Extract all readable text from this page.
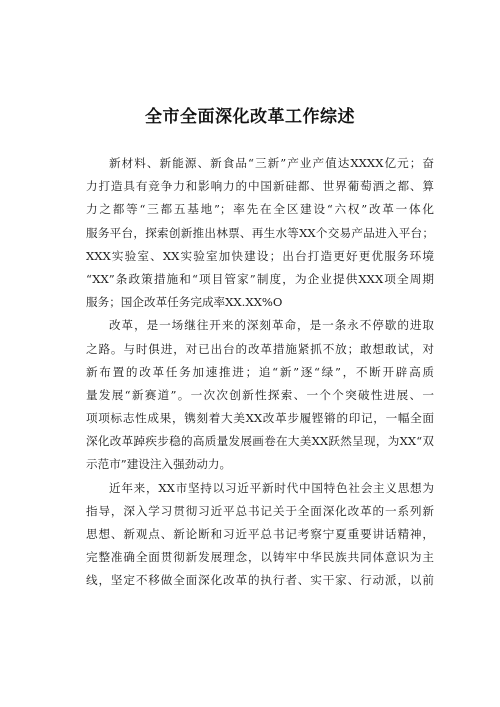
全市全面深化改革工作综述
新材料、新能源、新食品“三新”产业产值达XXXX亿元；奋
力打造具有竞争力和影响力的中国新硅都、世界葡萄酒之都、算
力之都等“三都五基地”；率先在全区建设“六权”改革一体化
服务平台，探索创新推出林票、再生水等XX个交易产品进入平台；
XXX实验室、XX实验室加快建设；出台打造更好更优服务环境
“XX”条政策措施和“项目管家”制度，为企业提供XXX项全周期
服务；国企改革任务完成率XX.XX%O
改革，是一场继往开来的深刻革命，是一条永不停歇的进取
之路。与时俱进，对已出台的改革措施紧抓不放；敢想敢试，对
新布置的改革任务加速推进；追“新”逐“绿”，不断开辟高质
量发展“新赛道”。一次次创新性探索、一个个突破性进展、一
项项标志性成果，镌刻着大美XX改革步履铿锵的印记，一幅全面
深化改革踔疾步稳的高质量发展画卷在大美XX跃然呈现，为XX“双
示范市”建设注入强劲动力。
近年来，XX市坚持以习近平新时代中国特色社会主义思想为
指导，深入学习贯彻习近平总书记关于全面深化改革的一系列新
思想、新观点、新论断和习近平总书记考察宁夏重要讲话精神，
完整准确全面贯彻新发展理念，以铸牢中华民族共同体意识为主
线，坚定不移做全面深化改革的执行者、实干家、行动派，以前
